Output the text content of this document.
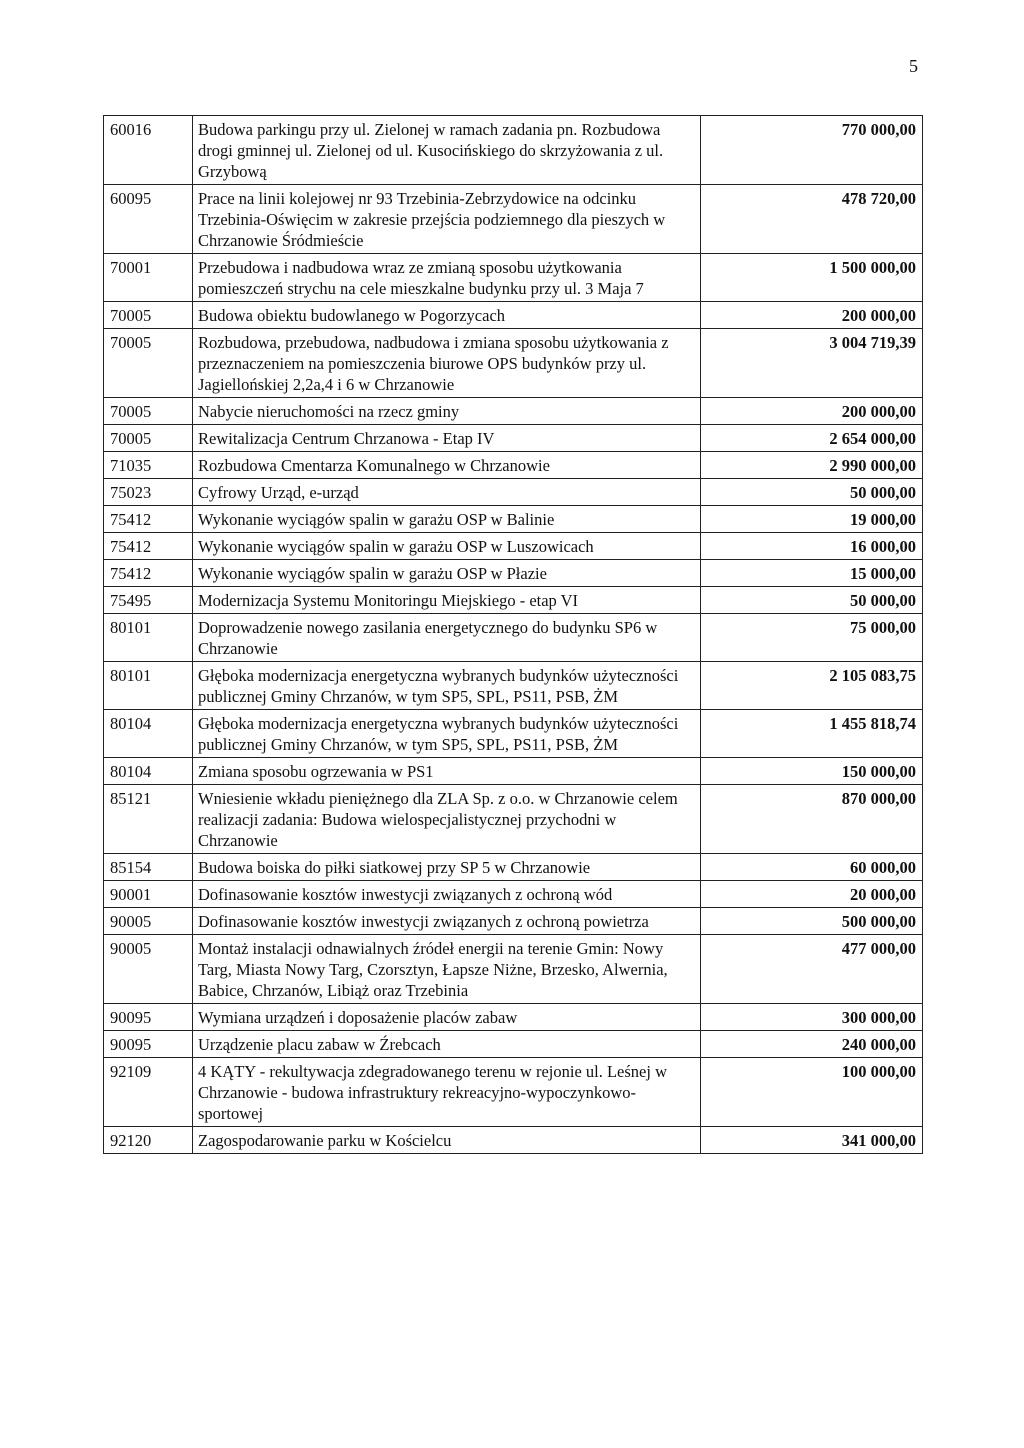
5
60016	Budowa parkingu przy ul. Zielonej w ramach zadania pn. Rozbudowa drogi gminnej ul. Zielonej od ul. Kusocińskiego do skrzyżowania z ul. Grzybową	770 000,00
60095	Prace na linii kolejowej nr 93 Trzebinia-Zebrzydowice na odcinku Trzebinia-Oświęcim w zakresie przejścia podziemnego dla pieszych w Chrzanowie Śródmieście	478 720,00
70001	Przebudowa i nadbudowa wraz ze zmianą sposobu użytkowania pomieszczeń strychu na cele mieszkalne budynku przy ul. 3 Maja 7	1 500 000,00
70005	Budowa obiektu budowlanego w Pogorzycach	200 000,00
70005	Rozbudowa, przebudowa, nadbudowa i zmiana sposobu użytkowania z przeznaczeniem na pomieszczenia biurowe OPS budynków przy ul. Jagiellońskiej 2,2a,4 i 6 w Chrzanowie	3 004 719,39
70005	Nabycie nieruchomości na rzecz gminy	200 000,00
70005	Rewitalizacja Centrum Chrzanowa - Etap IV	2 654 000,00
71035	Rozbudowa Cmentarza Komunalnego w Chrzanowie	2 990 000,00
75023	Cyfrowy Urząd, e-urząd	50 000,00
75412	Wykonanie wyciągów spalin w garażu OSP w Balinie	19 000,00
75412	Wykonanie wyciągów spalin w garażu OSP w Luszowicach	16 000,00
75412	Wykonanie wyciągów spalin w garażu OSP w Płazie	15 000,00
75495	Modernizacja Systemu Monitoringu Miejskiego - etap VI	50 000,00
80101	Doprowadzenie nowego zasilania energetycznego do budynku SP6 w Chrzanowie	75 000,00
80101	Głęboka modernizacja energetyczna wybranych budynków użyteczności publicznej Gminy Chrzanów, w tym SP5, SPL, PS11, PSB, ŻM	2 105 083,75
80104	Głęboka modernizacja energetyczna wybranych budynków użyteczności publicznej Gminy Chrzanów, w tym SP5, SPL, PS11, PSB, ŻM	1 455 818,74
80104	Zmiana sposobu ogrzewania w PS1	150 000,00
85121	Wniesienie wkładu pieniężnego dla ZLA Sp. z o.o. w Chrzanowie celem realizacji zadania: Budowa wielospecjalistycznej przychodni w Chrzanowie	870 000,00
85154	Budowa boiska do piłki siatkowej przy SP 5 w Chrzanowie	60 000,00
90001	Dofinasowanie kosztów inwestycji związanych z ochroną wód	20 000,00
90005	Dofinasowanie kosztów inwestycji związanych z ochroną powietrza	500 000,00
90005	Montaż instalacji odnawialnych źródeł energii na terenie Gmin: Nowy Targ, Miasta Nowy Targ, Czorsztyn, Łapsze Niżne, Brzesko, Alwernia, Babice, Chrzanów, Libiąż oraz Trzebinia	477 000,00
90095	Wymiana urządzeń i doposażenie placów zabaw	300 000,00
90095	Urządzenie placu zabaw w Źrebcach	240 000,00
92109	4 KĄTY - rekultywacja zdegradowanego terenu w rejonie ul. Leśnej w Chrzanowie - budowa infrastruktury rekreacyjno-wypoczynkowo-sportowej	100 000,00
92120	Zagospodarowanie parku w Kościelcu	341 000,00
